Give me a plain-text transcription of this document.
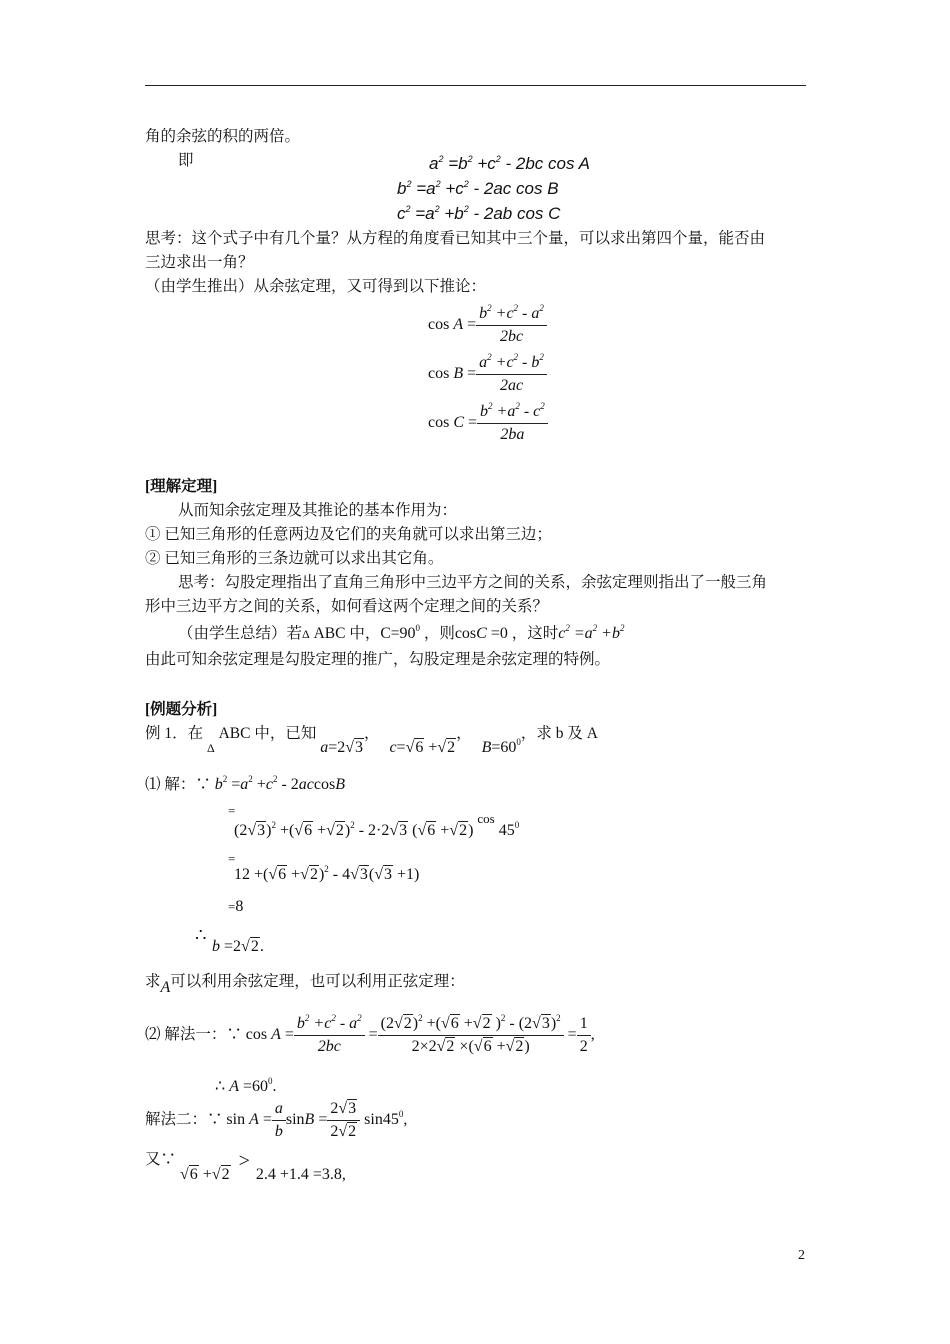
角的余弦的积的两倍。
即	$a^2 =b^2 +c^2 - 2bc$ cos A
$b^2 =a^2 +c^2 - 2ac$ cos B
$c^2 =a^2 +b^2 - 2ab$ cos C
思考：这个式子中有几个量？从方程的角度看已知其中三个量，可以求出第四个量，能否由
三边求出一角？
（由学生推出）从余弦定理，又可得到以下推论：
$\cos A = \frac{b^2 +c^2 - a^2}{2bc}$
$\cos B = \frac{a^2 +c^2 - b^2}{2ac}$
$\cos C = \frac{b^2 +a^2 - c^2}{2ba}$
[理解定理]
从而知余弦定理及其推论的基本作用为：
① 已知三角形的任意两边及它们的夹角就可以求出第三边；
② 已知三角形的三条边就可以求出其它角。
思考：勾股定理指出了直角三角形中三边平方之间的关系，余弦定理则指出了一般三角
形中三边平方之间的关系，如何看这两个定理之间的关系？
（由学生总结）若Δ ABC 中，$C=90^0$ ，则cosC =0 ，这时$c^2 =a^2 +b^2$
由此可知余弦定理是勾股定理的推广，勾股定理是余弦定理的特例。
[例题分析]
例 1．在 $_\Delta$ ABC 中，已知 a=2√3， c=√6 +√2， $B=60^0$，求 b 及 A
⑴ 解：∵ $b^2 =a^2 +c^2 - 2accosB$
=
$(2√3)^2 +(√6 +√2)^2 - 2\cdot 2√3$ (√6 +√2) $^{cos}$ $45^0$
=
$12 +(√6 +√2)^2 - 4√3(√3 +1)$
=8
∴
b =2√2.
求A可以利用余弦定理，也可以利用正弦定理：
⑵ 解法一：∵ $\cos A = \frac{b^2 +c^2 - a^2}{2bc} = \frac{(2√2)^2 +(√6 +√2 )^2 - (2√3)^2}{2\times 2√2 \times(√6 +√2)} = \frac{1}{2}$ ,
∴ $A =60^0$.
解法二：∵ $\sin A = \frac{a}{b}$ $\sin B = \frac{2√3}{2√2} \sin 45^0$,
又∵
√6 +√2 > 2.4 +1.4 =3.8,
2
